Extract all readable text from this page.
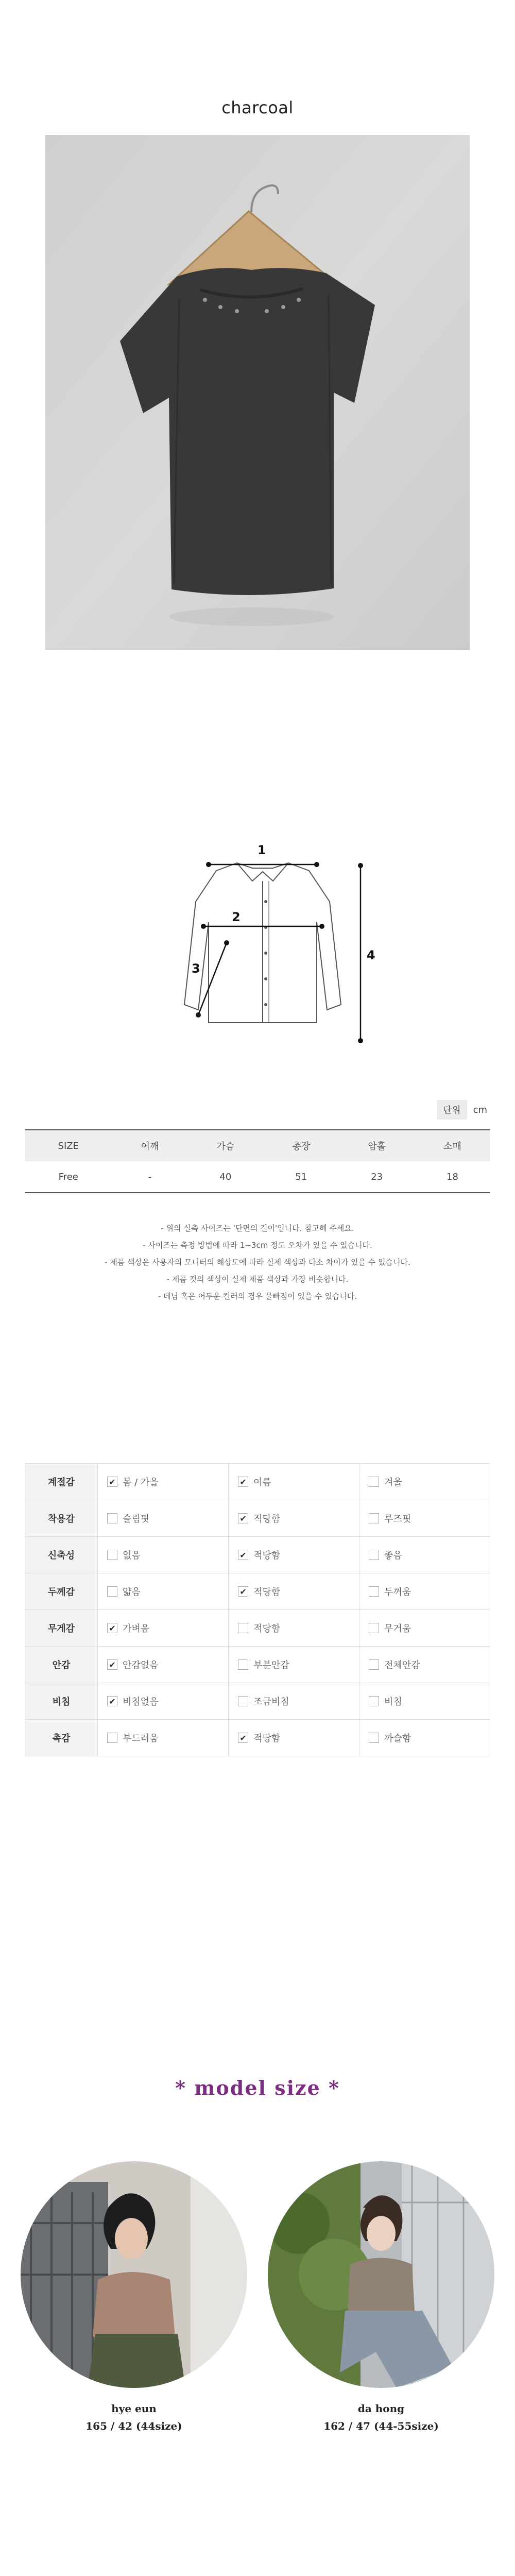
charcoal
1
2
3
4
단위	cm
SIZE	어깨	가슴	총장	암홀	소매
Free	-	40	51	23	18
- 위의 실측 사이즈는 '단면의 길이'입니다. 참고해 주세요.
- 사이즈는 측정 방법에 따라 1~3cm 정도 오차가 있을 수 있습니다.
- 제품 색상은 사용자의 모니터의 해상도에 따라 실제 색상과 다소 차이가 있을 수 있습니다.
- 제품 컷의 색상이 실제 제품 색상과 가장 비슷합니다.
- 데님 혹은 어두운 컬러의 경우 물빠짐이 있을 수 있습니다.
계절감	✔ 봄 / 가을	✔ 여름	겨울

착용감	슬림핏	✔ 적당함	루즈핏

신축성	없음	✔ 적당함	좋음

두께감	얇음	✔ 적당함	두꺼움

무게감	✔ 가벼움	적당함	무거움

안감	✔ 안감없음	부분안감	전체안감

비침	✔ 비침없음	조금비침	비침

촉감	부드러움	✔ 적당함	까슬함
* model size *
hye eun
165 / 42 (44size)
da hong
162 / 47 (44-55size)
